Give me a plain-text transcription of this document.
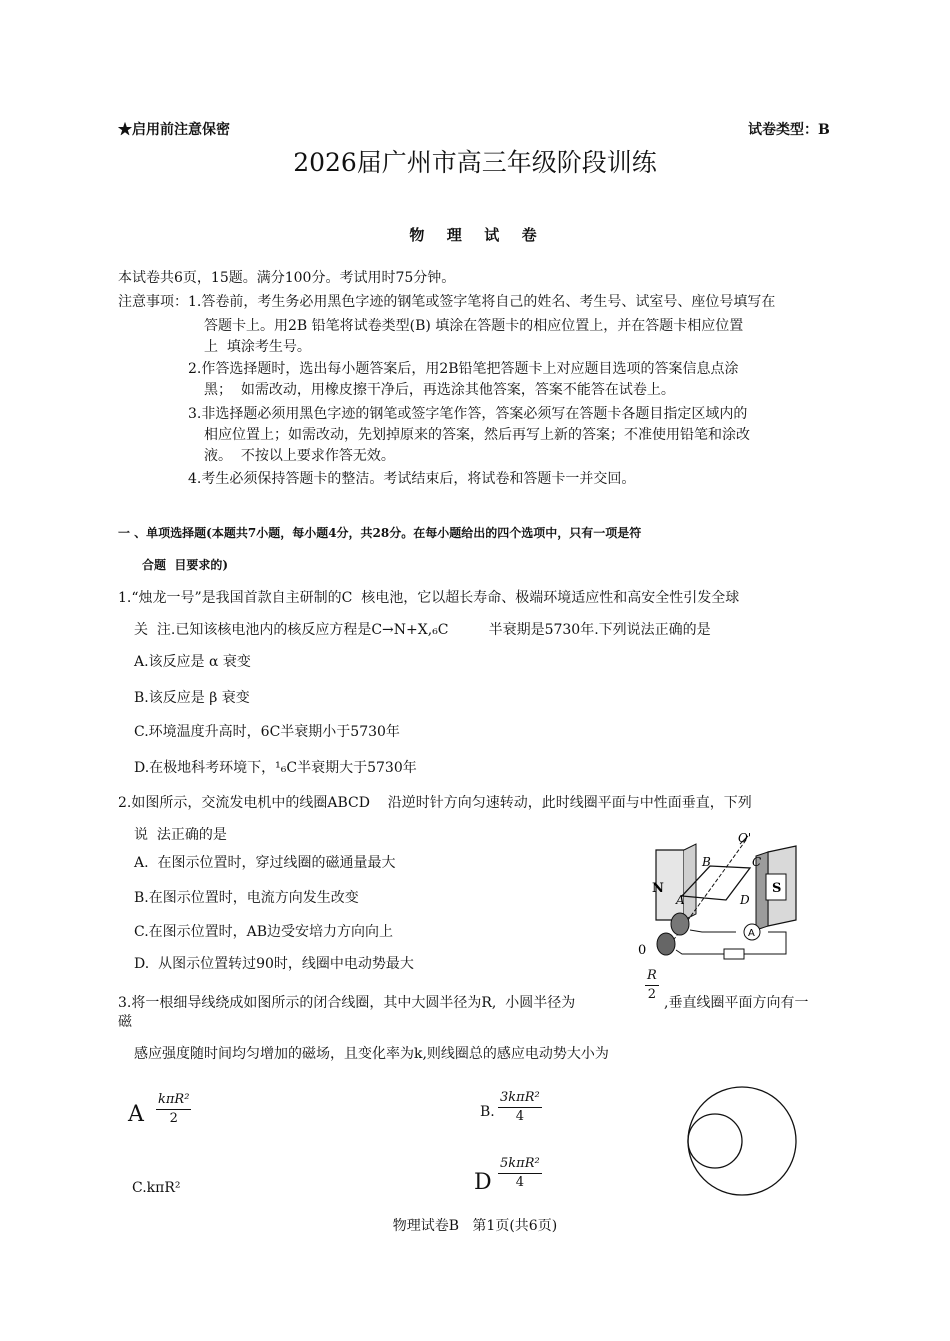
★启用前注意保密	试卷类型：B
2026届广州市高三年级阶段训练
物  理  试  卷
本试卷共6页，15题。满分100分。考试用时75分钟。
注意事项：1.答卷前，考生务必用黑色字迹的钢笔或签字笔将自己的姓名、考生号、试室号、座位号填写在
答题卡上。用2B 铅笔将试卷类型(B) 填涂在答题卡的相应位置上，并在答题卡相应位置
上  填涂考生号。
2.作答选择题时，选出每小题答案后，用2B铅笔把答题卡上对应题目选项的答案信息点涂
黑；  如需改动，用橡皮擦干净后，再选涂其他答案，答案不能答在试卷上。
3.非选择题必须用黑色字迹的钢笔或签字笔作答，答案必须写在答题卡各题目指定区域内的
相应位置上；如需改动，先划掉原来的答案，然后再写上新的答案；不准使用铅笔和涂改
液。  不按以上要求作答无效。
4.考生必须保持答题卡的整洁。考试结束后，将试卷和答题卡一并交回。
一 、单项选择题(本题共7小题，每小题4分，共28分。在每小题给出的四个选项中，只有一项是符
合题  目要求的)
1.“烛龙一号”是我国首款自主研制的C  核电池，它以超长寿命、极端环境适应性和高安全性引发全球
关  注.已知该核电池内的核反应方程是C→N+X,₆C         半衰期是5730年.下列说法正确的是
A.该反应是 α 衰变
B.该反应是 β 衰变
C.环境温度升高时，6C半衰期小于5730年
D.在极地科考环境下，¹₆C半衰期大于5730年
2.如图所示，交流发电机中的线圈ABCD    沿逆时针方向匀速转动，此时线圈平面与中性面垂直，下列
说  法正确的是
A.  在图示位置时，穿过线圈的磁通量最大
B.在图示位置时，电流方向发生改变
C.在图示位置时，AB边受安培力方向向上
D.  从图示位置转过90时，线圈中电动势最大
O'
B	C
N
A	D
S
A
0
3.将一根细导线绕成如图所示的闭合线圈，其中大圆半径为R,  小圆半径为
R
2
,垂直线圈平面方向有一
磁
感应强度随时间均匀增加的磁场，且变化率为k,则线圈总的感应电动势大小为
A
kπR²
2	B.
3kπR²
4
C.kπR²	D
5kπR²
4
物理试卷B   第1页(共6页)
